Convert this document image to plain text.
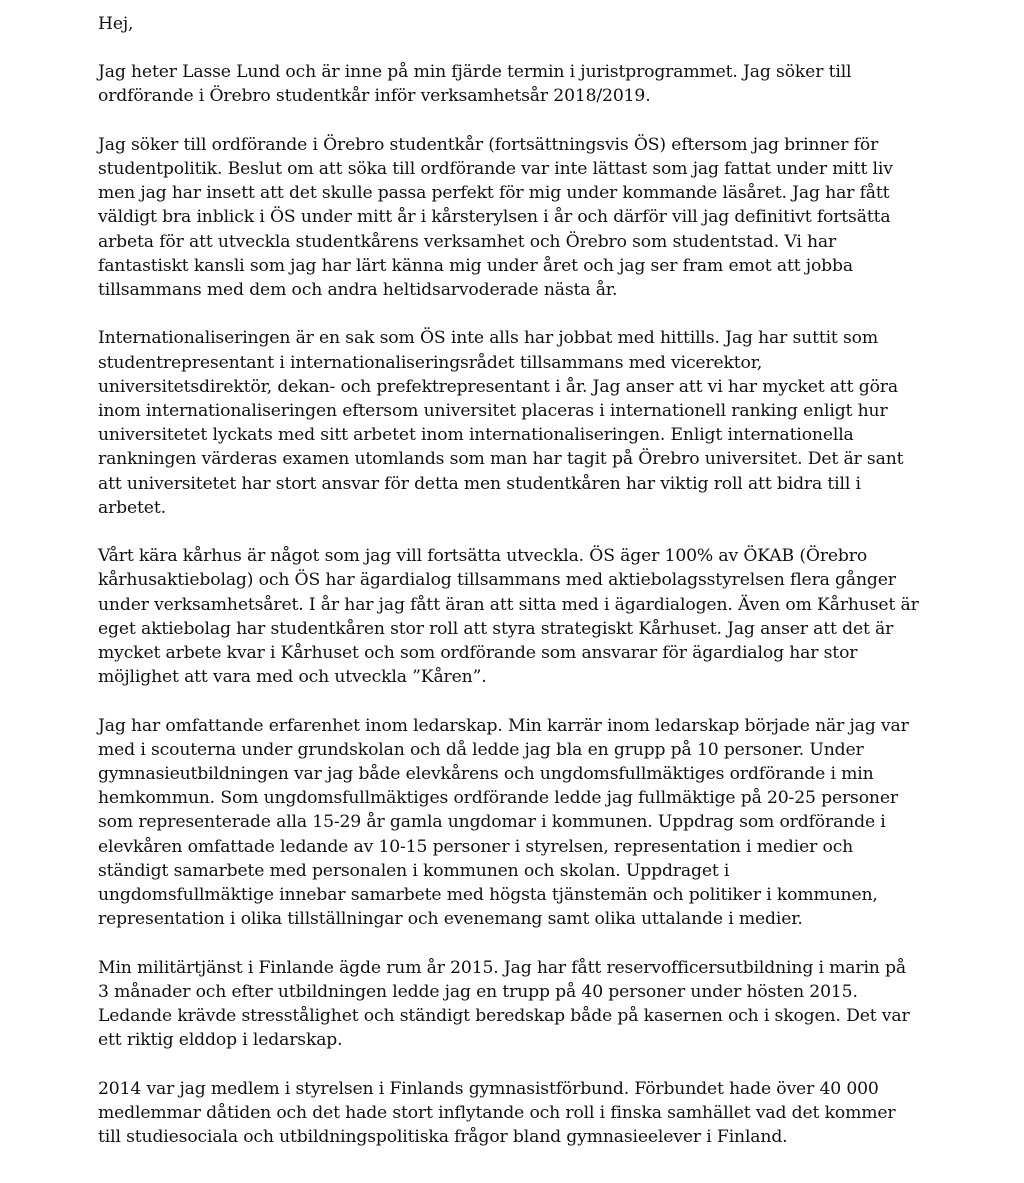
Hej,
Jag heter Lasse Lund och är inne på min fjärde termin i juristprogrammet. Jag söker till
ordförande i Örebro studentkår inför verksamhetsår 2018/2019.
Jag söker till ordförande i Örebro studentkår (fortsättningsvis ÖS) eftersom jag brinner för
studentpolitik. Beslut om att söka till ordförande var inte lättast som jag fattat under mitt liv
men jag har insett att det skulle passa perfekt för mig under kommande läsåret. Jag har fått
väldigt bra inblick i ÖS under mitt år i kårsterylsen i år och därför vill jag definitivt fortsätta
arbeta för att utveckla studentkårens verksamhet och Örebro som studentstad. Vi har
fantastiskt kansli som jag har lärt känna mig under året och jag ser fram emot att jobba
tillsammans med dem och andra heltidsarvoderade nästa år.
Internationaliseringen är en sak som ÖS inte alls har jobbat med hittills. Jag har suttit som
studentrepresentant i internationaliseringsrådet tillsammans med vicerektor,
universitetsdirektör, dekan- och prefektrepresentant i år. Jag anser att vi har mycket att göra
inom internationaliseringen eftersom universitet placeras i internationell ranking enligt hur
universitetet lyckats med sitt arbetet inom internationaliseringen. Enligt internationella
rankningen värderas examen utomlands som man har tagit på Örebro universitet. Det är sant
att universitetet har stort ansvar för detta men studentkåren har viktig roll att bidra till i
arbetet.
Vårt kära kårhus är något som jag vill fortsätta utveckla. ÖS äger 100% av ÖKAB (Örebro
kårhusaktiebolag) och ÖS har ägardialog tillsammans med aktiebolagsstyrelsen flera gånger
under verksamhetsåret. I år har jag fått äran att sitta med i ägardialogen. Även om Kårhuset är
eget aktiebolag har studentkåren stor roll att styra strategiskt Kårhuset. Jag anser att det är
mycket arbete kvar i Kårhuset och som ordförande som ansvarar för ägardialog har stor
möjlighet att vara med och utveckla ”Kåren”.
Jag har omfattande erfarenhet inom ledarskap. Min karrär inom ledarskap började när jag var
med i scouterna under grundskolan och då ledde jag bla en grupp på 10 personer. Under
gymnasieutbildningen var jag både elevkårens och ungdomsfullmäktiges ordförande i min
hemkommun. Som ungdomsfullmäktiges ordförande ledde jag fullmäktige på 20-25 personer
som representerade alla 15-29 år gamla ungdomar i kommunen. Uppdrag som ordförande i
elevkåren omfattade ledande av 10-15 personer i styrelsen, representation i medier och
ständigt samarbete med personalen i kommunen och skolan. Uppdraget i
ungdomsfullmäktige innebar samarbete med högsta tjänstemän och politiker i kommunen,
representation i olika tillställningar och evenemang samt olika uttalande i medier.
Min militärtjänst i Finlande ägde rum år 2015. Jag har fått reservofficersutbildning i marin på
3 månader och efter utbildningen ledde jag en trupp på 40 personer under hösten 2015.
Ledande krävde stresstålighet och ständigt beredskap både på kasernen och i skogen. Det var
ett riktig elddop i ledarskap.
2014 var jag medlem i styrelsen i Finlands gymnasistförbund. Förbundet hade över 40 000
medlemmar dåtiden och det hade stort inflytande och roll i finska samhället vad det kommer
till studiesociala och utbildningspolitiska frågor bland gymnasieelever i Finland.
